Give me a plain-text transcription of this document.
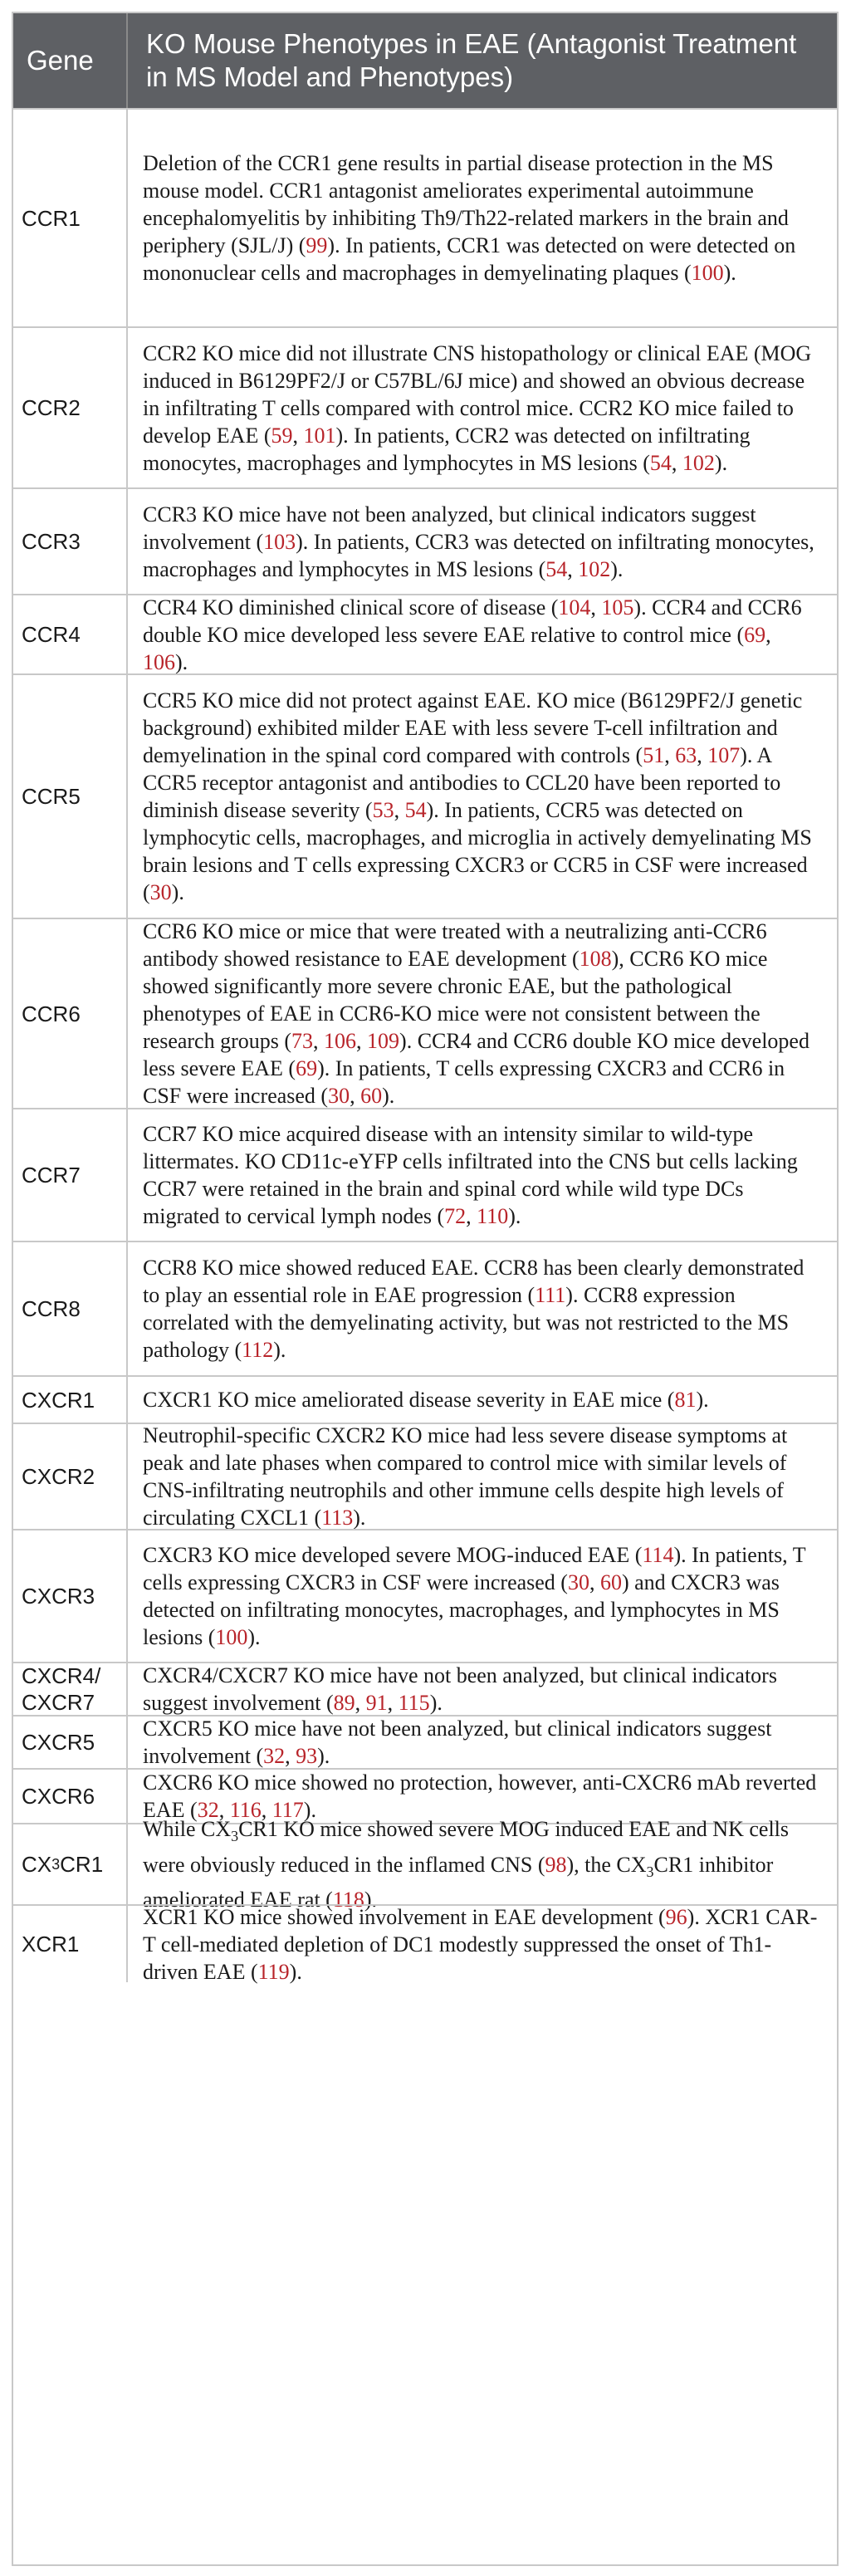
Gene
KO Mouse Phenotypes in EAE (Antagonist Treatment in MS Model and Phenotypes)
CCR1

Deletion of the CCR1 gene results in partial disease protection in the MS mouse model. CCR1 antagonist ameliorates experimental autoimmune encephalomyelitis by inhibiting Th9/Th22-related markers in the brain and periphery (SJL/J) (99). In patients, CCR1 was detected on were detected on mononuclear cells and macrophages in demyelinating plaques (100).

CCR2

CCR2 KO mice did not illustrate CNS histopathology or clinical EAE (MOG induced in B6129PF2/J or C57BL/6J mice) and showed an obvious decrease in infiltrating T cells compared with control mice. CCR2 KO mice failed to develop EAE (59, 101). In patients, CCR2 was detected on infiltrating monocytes, macrophages and lymphocytes in MS lesions (54, 102).

CCR3

CCR3 KO mice have not been analyzed, but clinical indicators suggest involvement (103). In patients, CCR3 was detected on infiltrating monocytes, macrophages and lymphocytes in MS lesions (54, 102).

CCR4

CCR4 KO diminished clinical score of disease (104, 105). CCR4 and CCR6 double KO mice developed less severe EAE relative to control mice (69, 106).

CCR5

CCR5 KO mice did not protect against EAE. KO mice (B6129PF2/J genetic background) exhibited milder EAE with less severe T-cell infiltration and demyelination in the spinal cord compared with controls (51, 63, 107). A CCR5 receptor antagonist and antibodies to CCL20 have been reported to diminish disease severity (53, 54). In patients, CCR5 was detected on lymphocytic cells, macrophages, and microglia in actively demyelinating MS brain lesions and T cells expressing CXCR3 or CCR5 in CSF were increased (30).

CCR6

CCR6 KO mice or mice that were treated with a neutralizing anti-CCR6 antibody showed resistance to EAE development (108), CCR6 KO mice showed significantly more severe chronic EAE, but the pathological phenotypes of EAE in CCR6-KO mice were not consistent between the research groups (73, 106, 109). CCR4 and CCR6 double KO mice developed less severe EAE (69). In patients, T cells expressing CXCR3 and CCR6 in CSF were increased (30, 60).

CCR7

CCR7 KO mice acquired disease with an intensity similar to wild-type littermates. KO CD11c-eYFP cells infiltrated into the CNS but cells lacking CCR7 were retained in the brain and spinal cord while wild type DCs migrated to cervical lymph nodes (72, 110).

CCR8

CCR8 KO mice showed reduced EAE. CCR8 has been clearly demonstrated to play an essential role in EAE progression (111). CCR8 expression correlated with the demyelinating activity, but was not restricted to the MS pathology (112).

CXCR1	CXCR1 KO mice ameliorated disease severity in EAE mice (81).

CXCR2

Neutrophil-specific CXCR2 KO mice had less severe disease symptoms at peak and late phases when compared to control mice with similar levels of CNS-infiltrating neutrophils and other immune cells despite high levels of circulating CXCL1 (113).

CXCR3

CXCR3 KO mice developed severe MOG-induced EAE (114). In patients, T cells expressing CXCR3 in CSF were increased (30, 60) and CXCR3 was detected on infiltrating monocytes, macrophages, and lymphocytes in MS lesions (100).

CXCR4/ CXCR7

CXCR4/CXCR7 KO mice have not been analyzed, but clinical indicators suggest involvement (89, 91, 115).

CXCR5

CXCR5 KO mice have not been analyzed, but clinical indicators suggest involvement (32, 93).

CXCR6

CXCR6 KO mice showed no protection, however, anti-CXCR6 mAb reverted EAE (32, 116, 117).

CX 3 CR1

While $CX_3CR1$ KO mice showed severe MOG induced EAE and NK cells were obviously reduced in the inflamed CNS (98), the $CX_3CR1$ inhibitor ameliorated EAE rat (118).

XCR1

XCR1 KO mice showed involvement in EAE development (96). XCR1 CAR-T cell-mediated depletion of DC1 modestly suppressed the onset of Th1-driven EAE (119).
